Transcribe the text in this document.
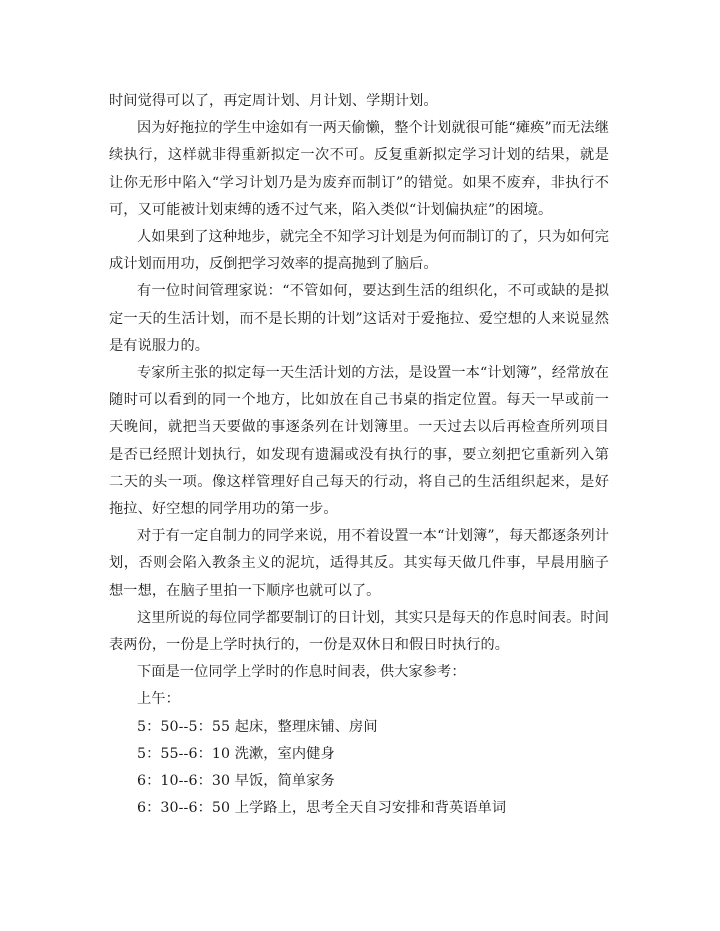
时间觉得可以了，再定周计划、月计划、学期计划。

因为好拖拉的学生中途如有一两天偷懒，整个计划就很可能“瘫痪”而无法继续执行，这样就非得重新拟定一次不可。反复重新拟定学习计划的结果，就是让你无形中陷入“学习计划乃是为废弃而制订”的错觉。如果不废弃，非执行不可，又可能被计划束缚的透不过气来，陷入类似“计划偏执症”的困境。

人如果到了这种地步，就完全不知学习计划是为何而制订的了，只为如何完成计划而用功，反倒把学习效率的提高抛到了脑后。

有一位时间管理家说：“不管如何，要达到生活的组织化，不可或缺的是拟定一天的生活计划，而不是长期的计划”这话对于爱拖拉、爱空想的人来说显然是有说服力的。

专家所主张的拟定每一天生活计划的方法，是设置一本“计划簿”，经常放在随时可以看到的同一个地方，比如放在自己书桌的指定位置。每天一早或前一天晚间，就把当天要做的事逐条列在计划簿里。一天过去以后再检查所列项目是否已经照计划执行，如发现有遗漏或没有执行的事，要立刻把它重新列入第二天的头一项。像这样管理好自己每天的行动，将自己的生活组织起来，是好拖拉、好空想的同学用功的第一步。

对于有一定自制力的同学来说，用不着设置一本“计划簿”，每天都逐条列计划，否则会陷入教条主义的泥坑，适得其反。其实每天做几件事，早晨用脑子想一想，在脑子里拍一下顺序也就可以了。

这里所说的每位同学都要制订的日计划，其实只是每天的作息时间表。时间表两份，一份是上学时执行的，一份是双休日和假日时执行的。

下面是一位同学上学时的作息时间表，供大家参考：

上午：

5：50--5：55 起床，整理床铺、房间

5：55--6：10 洗漱，室内健身

6：10--6：30 早饭，简单家务

6：30--6：50 上学路上，思考全天自习安排和背英语单词
